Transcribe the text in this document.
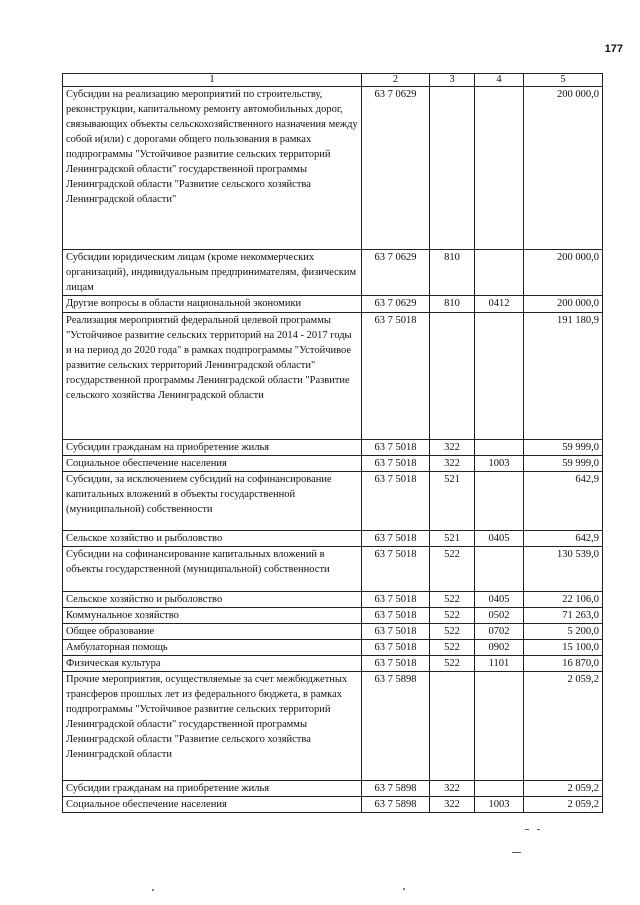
177
1	2	3	4	5
Субсидии на реализацию мероприятий по строительству, реконструкции, капитальному ремонту автомобильных дорог, связывающих объекты сельскохозяйственного назначения между собой и(или) с дорогами общего пользования в рамках подпрограммы "Устойчивое развитие сельских территорий Ленинградской области" государственной программы Ленинградской области "Развитие сельского хозяйства Ленинградской области"	63 7 0629			200 000,0
Субсидии юридическим лицам (кроме некоммерческих организаций), индивидуальным предпринимателям, физическим лицам	63 7 0629	810		200 000,0
Другие вопросы в области национальной экономики	63 7 0629	810	0412	200 000,0
Реализация мероприятий федеральной целевой программы "Устойчивое развитие сельских территорий на 2014 - 2017 годы и на период до 2020 года" в рамках подпрограммы "Устойчивое развитие сельских территорий Ленинградской области" государственной программы Ленинградской области "Развитие сельского хозяйства Ленинградской области	63 7 5018			191 180,9
Субсидии гражданам на приобретение жилья	63 7 5018	322		59 999,0
Социальное обеспечение населения	63 7 5018	322	1003	59 999,0
Субсидии, за исключением субсидий на софинансирование капитальных вложений в объекты государственной (муниципальной) собственности	63 7 5018	521		642,9
Сельское хозяйство и рыболовство	63 7 5018	521	0405	642,9
Субсидии на софинансирование капитальных вложений в объекты государственной (муниципальной) собственности	63 7 5018	522		130 539,0
Сельское хозяйство и рыболовство	63 7 5018	522	0405	22 106,0
Коммунальное хозяйство	63 7 5018	522	0502	71 263,0
Общее образование	63 7 5018	522	0702	5 200,0
Амбулаторная помощь	63 7 5018	522	0902	15 100,0
Физическая культура	63 7 5018	522	1101	16 870,0
Прочие мероприятия, осуществляемые за счет межбюджетных трансферов прошлых лет из федерального бюджета, в рамках подпрограммы "Устойчивое развитие сельских территорий Ленинградской области" государственной программы Ленинградской области "Развитие сельского хозяйства Ленинградской области	63 7 5898			2 059,2
Субсидии гражданам на приобретение жилья	63 7 5898	322		2 059,2
Социальное обеспечение населения	63 7 5898	322	1003	2 059,2
